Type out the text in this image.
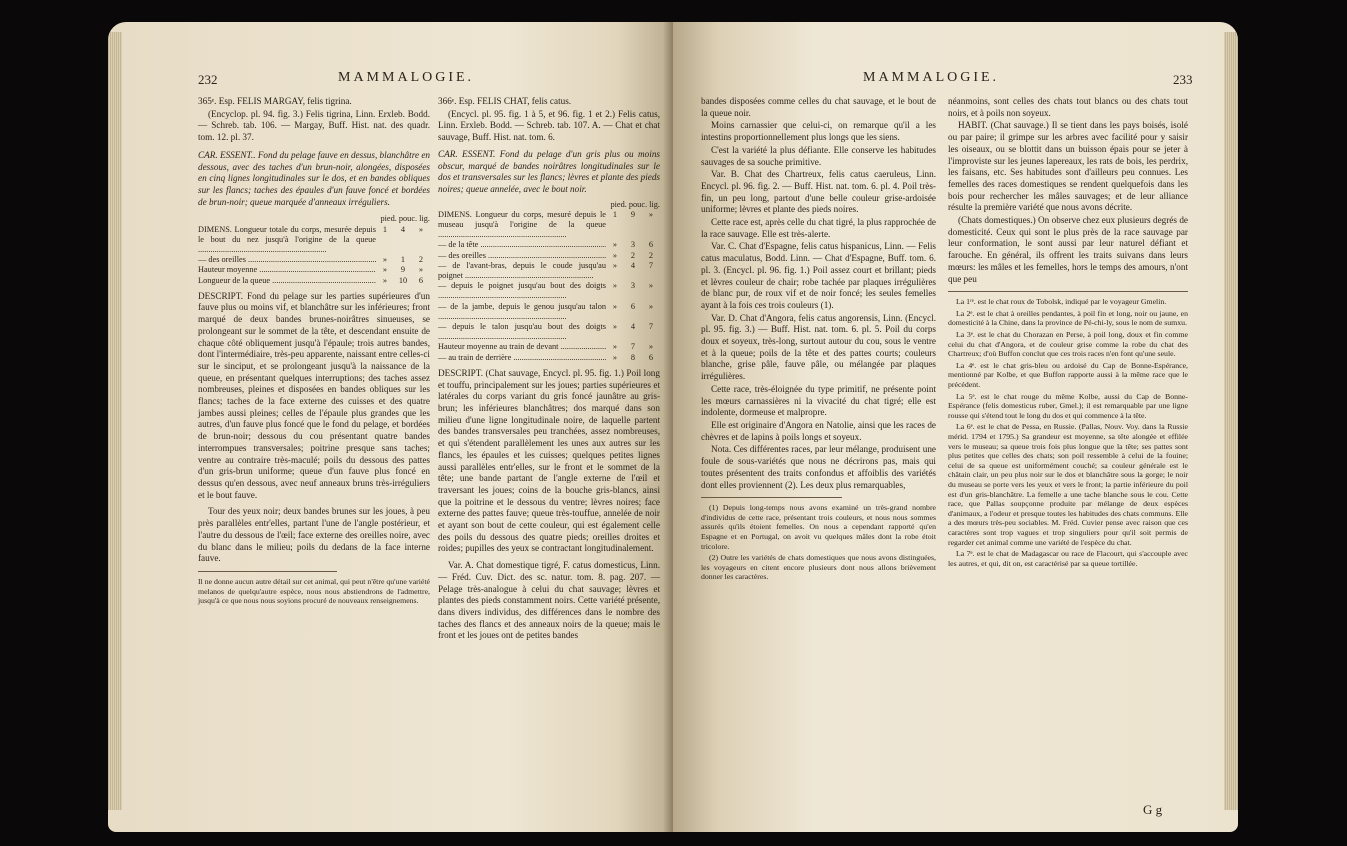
232	MAMMALOGIE.

365ᵉ. Esp. FELIS MARGAY, felis tigrina.

(Encyclop. pl. 94. fig. 3.) Felis tigrina, Linn. Erxleb. Bodd. — Schreb. tab. 106. — Margay, Buff. Hist. nat. des quadr. tom. 12. pl. 37.

CAR. ESSENT.. Fond du pelage fauve en dessus, blanchâtre en dessous, avec des taches d'un brun-noir, alongées, disposées en cinq lignes longitudinales sur le dos, et en bandes obliques sur les flancs; taches des épaules d'un fauve foncé et bordées de brun-noir; queue marquée d'anneaux irréguliers.

pied. pouc. lig.
DIMENS. Longueur totale du corps, mesurée depuis le bout du nez jusqu'à l'origine de la queue .....
1	4	»
— des oreilles .....	»	1	2
Hauteur moyenne .....	»	9	»
Longueur de la queue .....	»	10	6

DESCRIPT. Fond du pelage sur les parties supérieures d'un fauve plus ou moins vif, et blanchâtre sur les inférieures; front marqué de deux bandes brunes-noirâtres sinueuses, se prolongeant sur le sommet de la tête, et descendant ensuite de chaque côté obliquement jusqu'à l'épaule; trois autres bandes, dont l'intermédiaire, très-peu apparente, naissant entre celles-ci sur le sinciput, et se prolongeant jusqu'à la naissance de la queue, en présentant quelques interruptions; des taches assez nombreuses, pleines et disposées en bandes obliques sur les flancs; taches de la face externe des cuisses et des quatre jambes aussi pleines; celles de l'épaule plus grandes que les autres, d'un fauve plus foncé que le fond du pelage, et bordées de brun-noir; dessous du cou présentant quatre bandes interrompues transversales; poitrine presque sans taches; ventre au contraire très-maculé; poils du dessous des pattes d'un gris-brun uniforme; queue d'un fauve plus foncé en dessus qu'en dessous, avec neuf anneaux bruns très-irréguliers et le bout fauve.

Tour des yeux noir; deux bandes brunes sur les joues, à peu près parallèles entr'elles, partant l'une de l'angle postérieur, et l'autre du dessous de l'œil; face externe des oreilles noire, avec du blanc dans le milieu; poils du dedans de la face interne fauve.

Il ne donne aucun autre détail sur cet animal, qui peut n'être qu'une variété melanos de quelqu'autre espèce, nous nous abstiendrons de l'admettre, jusqu'à ce que nous nous soyions procuré de nouveaux renseignemens.

366ᵉ. Esp. FELIS CHAT, felis catus.

(Encycl. pl. 95. fig. 1 à 5, et 96. fig. 1 et 2.) Felis catus, Linn. Erxleb. Bodd. — Schreb. tab. 107. A. — Chat et chat sauvage, Buff. Hist. nat. tom. 6.

CAR. ESSENT. Fond du pelage d'un gris plus ou moins obscur, marqué de bandes noirâtres longitudinales sur le dos et transversales sur les flancs; lèvres et plante des pieds noires; queue annelée, avec le bout noir.

pied. pouc. lig.
DIMENS. Longueur du corps, mesuré depuis le museau jusqu'à l'origine de la queue .....
1	9	»
— de la tête .....	»	3	6
— des oreilles .....	»	2	2
— de l'avant-bras, depuis le coude jusqu'au poignet .....
»	4	7
— depuis le poignet jusqu'au bout des doigts ..... »	3	»
— de la jambe, depuis le genou jusqu'au talon ..... »	6	»
— depuis le talon jusqu'au bout des doigts ..... »	4	7
Hauteur moyenne au train de devant .....	»	7	»
— au train de derrière .....	»	8	6

DESCRIPT. (Chat sauvage, Encycl. pl. 95. fig. 1.) Poil long et touffu, principalement sur les joues; parties supérieures et latérales du corps variant du gris foncé jaunâtre au gris-brun; les inférieures blanchâtres; dos marqué dans son milieu d'une ligne longitudinale noire, de laquelle partent des bandes transversales peu tranchées, assez nombreuses, et qui s'étendent parallèlement les unes aux autres sur les flancs, les épaules et les cuisses; quelques petites lignes aussi parallèles entr'elles, sur le front et le sommet de la tête; une bande partant de l'angle externe de l'œil et traversant les joues; coins de la bouche gris-blancs, ainsi que la poitrine et le dessous du ventre; lèvres noires; face externe des pattes fauve; queue très-touffue, annelée de noir et ayant son bout de cette couleur, qui est également celle des poils du dessous des quatre pieds; oreilles droites et roides; pupilles des yeux se contractant longitudinalement.

Var. A. Chat domestique tigré, F. catus domesticus, Linn. — Fréd. Cuv. Dict. des sc. natur. tom. 8. pag. 207. — Pelage très-analogue à celui du chat sauvage; lèvres et plantes des pieds constamment noirs. Cette variété présente, dans divers individus, des différences dans le nombre des taches des flancs et des anneaux noirs de la queue; mais le front et les joues ont de petites bandes

MAMMALOGIE.	233

bandes disposées comme celles du chat sauvage, et le bout de la queue noir.

Moins carnassier que celui-ci, on remarque qu'il a les intestins proportionnellement plus longs que les siens.

C'est la variété la plus défiante. Elle conserve les habitudes sauvages de sa souche primitive.

Var. B. Chat des Chartreux, felis catus caeruleus, Linn. Encycl. pl. 96. fig. 2. — Buff. Hist. nat. tom. 6. pl. 4. Poil très-fin, un peu long, partout d'une belle couleur grise-ardoisée uniforme; lèvres et plante des pieds noires.

Cette race est, après celle du chat tigré, la plus rapprochée de la race sauvage. Elle est très-alerte.

Var. C. Chat d'Espagne, felis catus hispanicus, Linn. — Felis catus maculatus, Bodd. Linn. — Chat d'Espagne, Buff. tom. 6. pl. 3. (Encycl. pl. 96. fig. 1.) Poil assez court et brillant; pieds et lèvres couleur de chair; robe tachée par plaques irrégulières de blanc pur, de roux vif et de noir foncé; les seules femelles ayant à la fois ces trois couleurs (1).

Var. D. Chat d'Angora, felis catus angorensis, Linn. (Encycl. pl. 95. fig. 3.) — Buff. Hist. nat. tom. 6. pl. 5. Poil du corps doux et soyeux, très-long, surtout autour du cou, sous le ventre et à la queue; poils de la tête et des pattes courts; couleurs blanche, grise pâle, fauve pâle, ou mélangée par plaques irrégulières.

Cette race, très-éloignée du type primitif, ne présente point les mœurs carnassières ni la vivacité du chat tigré; elle est indolente, dormeuse et malpropre.

Elle est originaire d'Angora en Natolie, ainsi que les races de chèvres et de lapins à poils longs et soyeux.

Nota. Ces différentes races, par leur mélange, produisent une foule de sous-variétés que nous ne décrirons pas, mais qui toutes présentent des traits confondus et affoiblis des variétés dont elles proviennent (2). Les deux plus remarquables,

(1) Depuis long-temps nous avons examiné un très-grand nombre d'individus de cette race, présentant trois couleurs, et nous nous sommes assurés qu'ils étoient femelles. On nous a cependant rapporté qu'en Espagne et en Portugal, on avoit vu quelques mâles dont la robe étoit tricolore.

(2) Outre les variétés de chats domestiques que nous avons distinguées, les voyageurs en citent encore plusieurs dont nous allons brièvement donner les caractères.

néanmoins, sont celles des chats tout blancs ou des chats tout noirs, et à poils non soyeux.

HABIT. (Chat sauvage.) Il se tient dans les pays boisés, isolé ou par paire; il grimpe sur les arbres avec facilité pour y saisir les oiseaux, ou se blottit dans un buisson épais pour se jeter à l'improviste sur les jeunes lapereaux, les rats de bois, les perdrix, les faisans, etc. Ses habitudes sont d'ailleurs peu connues. Les femelles des races domestiques se rendent quelquefois dans les bois pour rechercher les mâles sauvages; et de leur alliance résulte la première variété que nous avons décrite.

(Chats domestiques.) On observe chez eux plusieurs degrés de domesticité. Ceux qui sont le plus près de la race sauvage par leur conformation, le sont aussi par leur naturel défiant et farouche. En général, ils offrent les traits suivans dans leurs mœurs: les mâles et les femelles, hors le temps des amours, n'ont que peu

La 1ʳᵉ. est le chat roux de Tobolsk, indiqué par le voyageur Gmelin.

La 2ᵉ. est le chat à oreilles pendantes, à poil fin et long, noir ou jaune, en domesticité à la Chine, dans la province de Pé-chi-ly, sous le nom de sumxu.

La 3ᵉ. est le chat du Chorazan en Perse, à poil long, doux et fin comme celui du chat d'Angora, et de couleur grise comme la robe du chat des Chartreux; d'où Buffon conclut que ces trois races n'en font qu'une seule.

La 4ᵉ. est le chat gris-bleu ou ardoisé du Cap de Bonne-Espérance, mentionné par Kolbe, et que Buffon rapporte aussi à la même race que le précédent.

La 5ᵉ. est le chat rouge du même Kolbe, aussi du Cap de Bonne-Espérance (felis domesticus ruber, Gmel.); il est remarquable par une ligne rousse qui s'étend tout le long du dos et qui commence à la tête.

La 6ᵉ. est le chat de Pessa, en Russie. (Pallas, Nouv. Voy. dans la Russie mérid. 1794 et 1795.) Sa grandeur est moyenne, sa tête alongée et effilée vers le museau; sa queue trois fois plus longue que la tête; ses pattes sont plus petites que celles des chats; son poil ressemble à celui de la fouine; celui de sa queue est uniformément couché; sa couleur générale est le châtain clair, un peu plus noir sur le dos et blanchâtre sous la gorge; le noir du museau se porte vers les yeux et vers le front; la partie inférieure du poil est d'un gris-blanchâtre. La femelle a une tache blanche sous le cou. Cette race, que Pallas soupçonne produite par mélange de deux espèces d'animaux, a l'odeur et presque toutes les habitudes des chats communs. Elle a des mœurs très-peu sociables. M. Fréd. Cuvier pense avec raison que ces caractères sont trop vagues et trop singuliers pour qu'il soit permis de regarder cet animal comme une variété de l'espèce du chat.

La 7ᵉ. est le chat de Madagascar ou race de Flacourt, qui s'accouple avec les autres, et qui, dit on, est caractérisé par sa queue tortillée.

G g
